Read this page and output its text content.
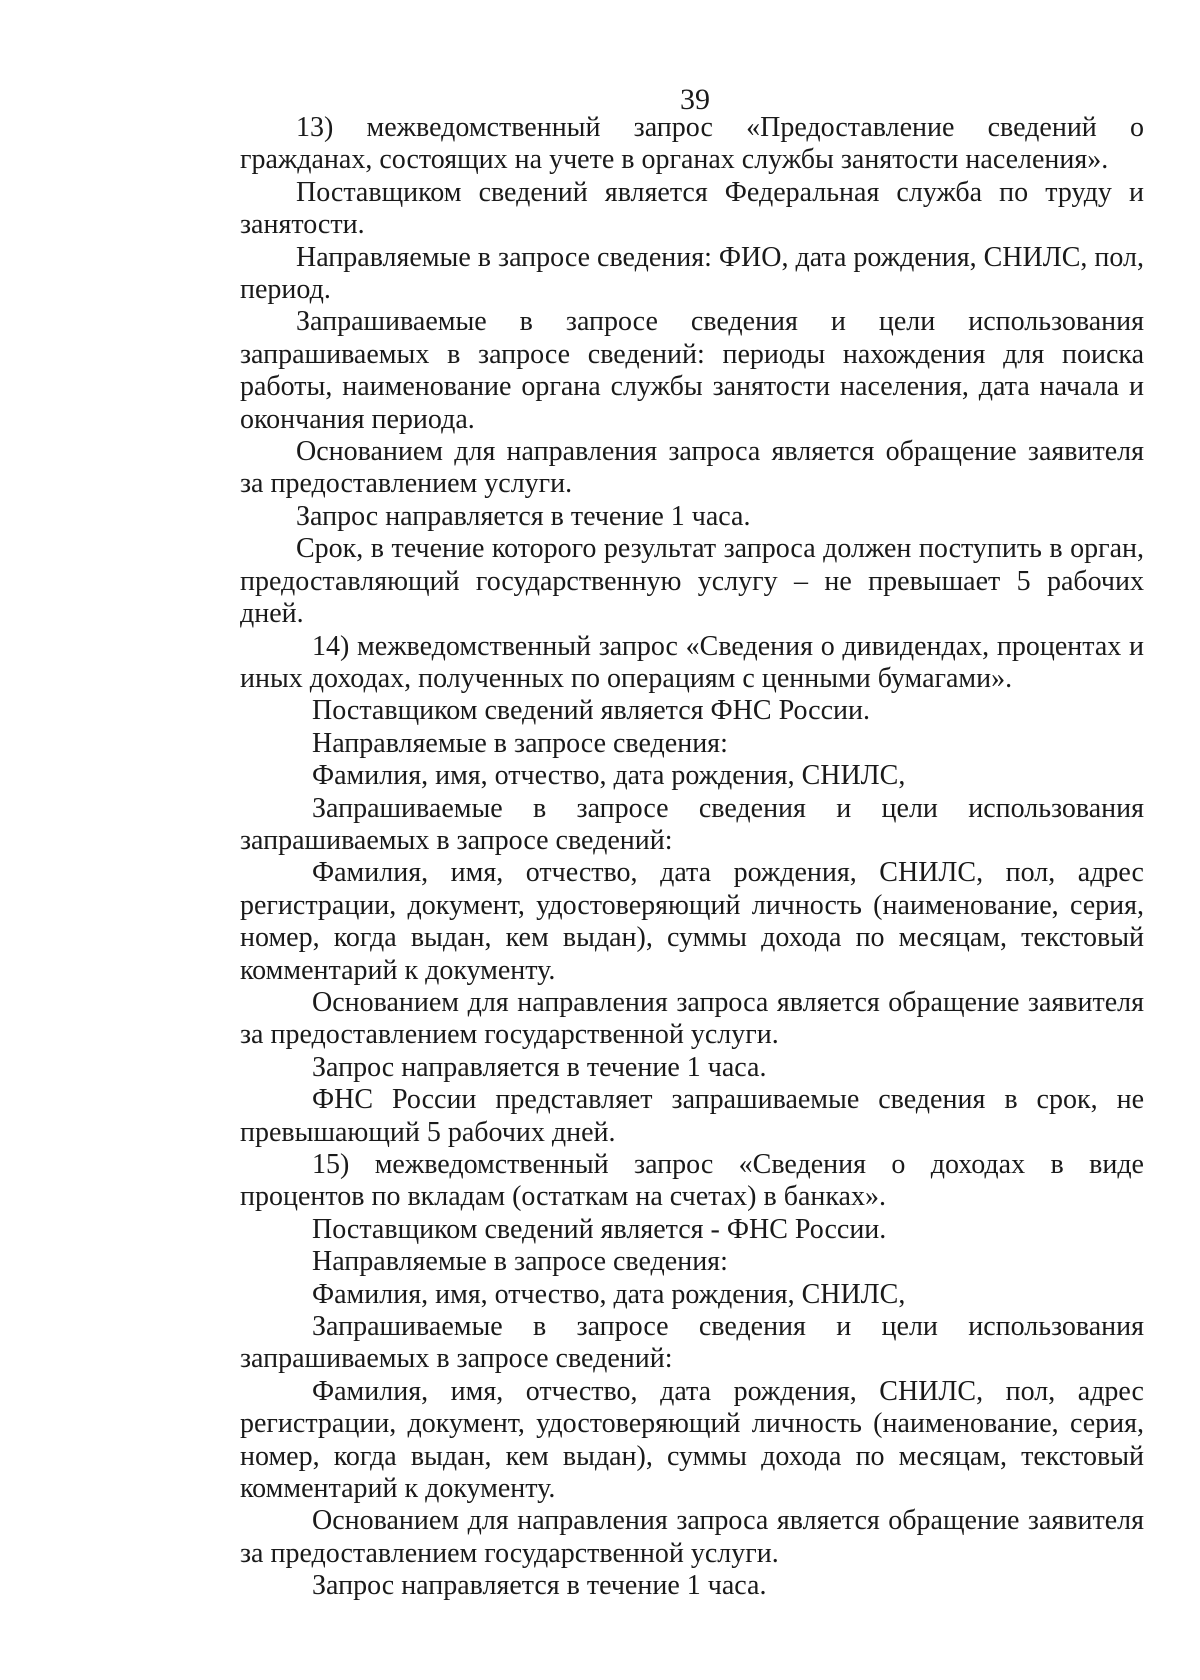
39

13) межведомственный запрос «Предоставление сведений о гражданах, состоящих на учете в органах службы занятости населения».

Поставщиком сведений является Федеральная служба по труду и занятости.

Направляемые в запросе сведения: ФИО, дата рождения, СНИЛС, пол, период.

Запрашиваемые в запросе сведения и цели использования запрашиваемых в запросе сведений: периоды нахождения для поиска работы, наименование органа службы занятости населения, дата начала и окончания периода.

Основанием для направления запроса является обращение заявителя за предоставлением услуги.

Запрос направляется в течение 1 часа.

Срок, в течение которого результат запроса должен поступить в орган, предоставляющий государственную услугу – не превышает 5 рабочих дней.

14) межведомственный запрос «Сведения о дивидендах, процентах и иных доходах, полученных по операциям с ценными бумагами».

Поставщиком сведений является ФНС России.

Направляемые в запросе сведения:

Фамилия, имя, отчество, дата рождения, СНИЛС,

Запрашиваемые в запросе сведения и цели использования запрашиваемых в запросе сведений:

Фамилия, имя, отчество, дата рождения, СНИЛС, пол, адрес регистрации, документ, удостоверяющий личность (наименование, серия, номер, когда выдан, кем выдан), суммы дохода по месяцам, текстовый комментарий к документу.

Основанием для направления запроса является обращение заявителя за предоставлением государственной услуги.

Запрос направляется в течение 1 часа.

ФНС России представляет запрашиваемые сведения в срок, не превышающий 5 рабочих дней.

15) межведомственный запрос «Сведения о доходах в виде процентов по вкладам (остаткам на счетах) в банках».

Поставщиком сведений является - ФНС России.

Направляемые в запросе сведения:

Фамилия, имя, отчество, дата рождения, СНИЛС,

Запрашиваемые в запросе сведения и цели использования запрашиваемых в запросе сведений:

Фамилия, имя, отчество, дата рождения, СНИЛС, пол, адрес регистрации, документ, удостоверяющий личность (наименование, серия, номер, когда выдан, кем выдан), суммы дохода по месяцам, текстовый комментарий к документу.

Основанием для направления запроса является обращение заявителя за предоставлением государственной услуги.

Запрос направляется в течение 1 часа.
